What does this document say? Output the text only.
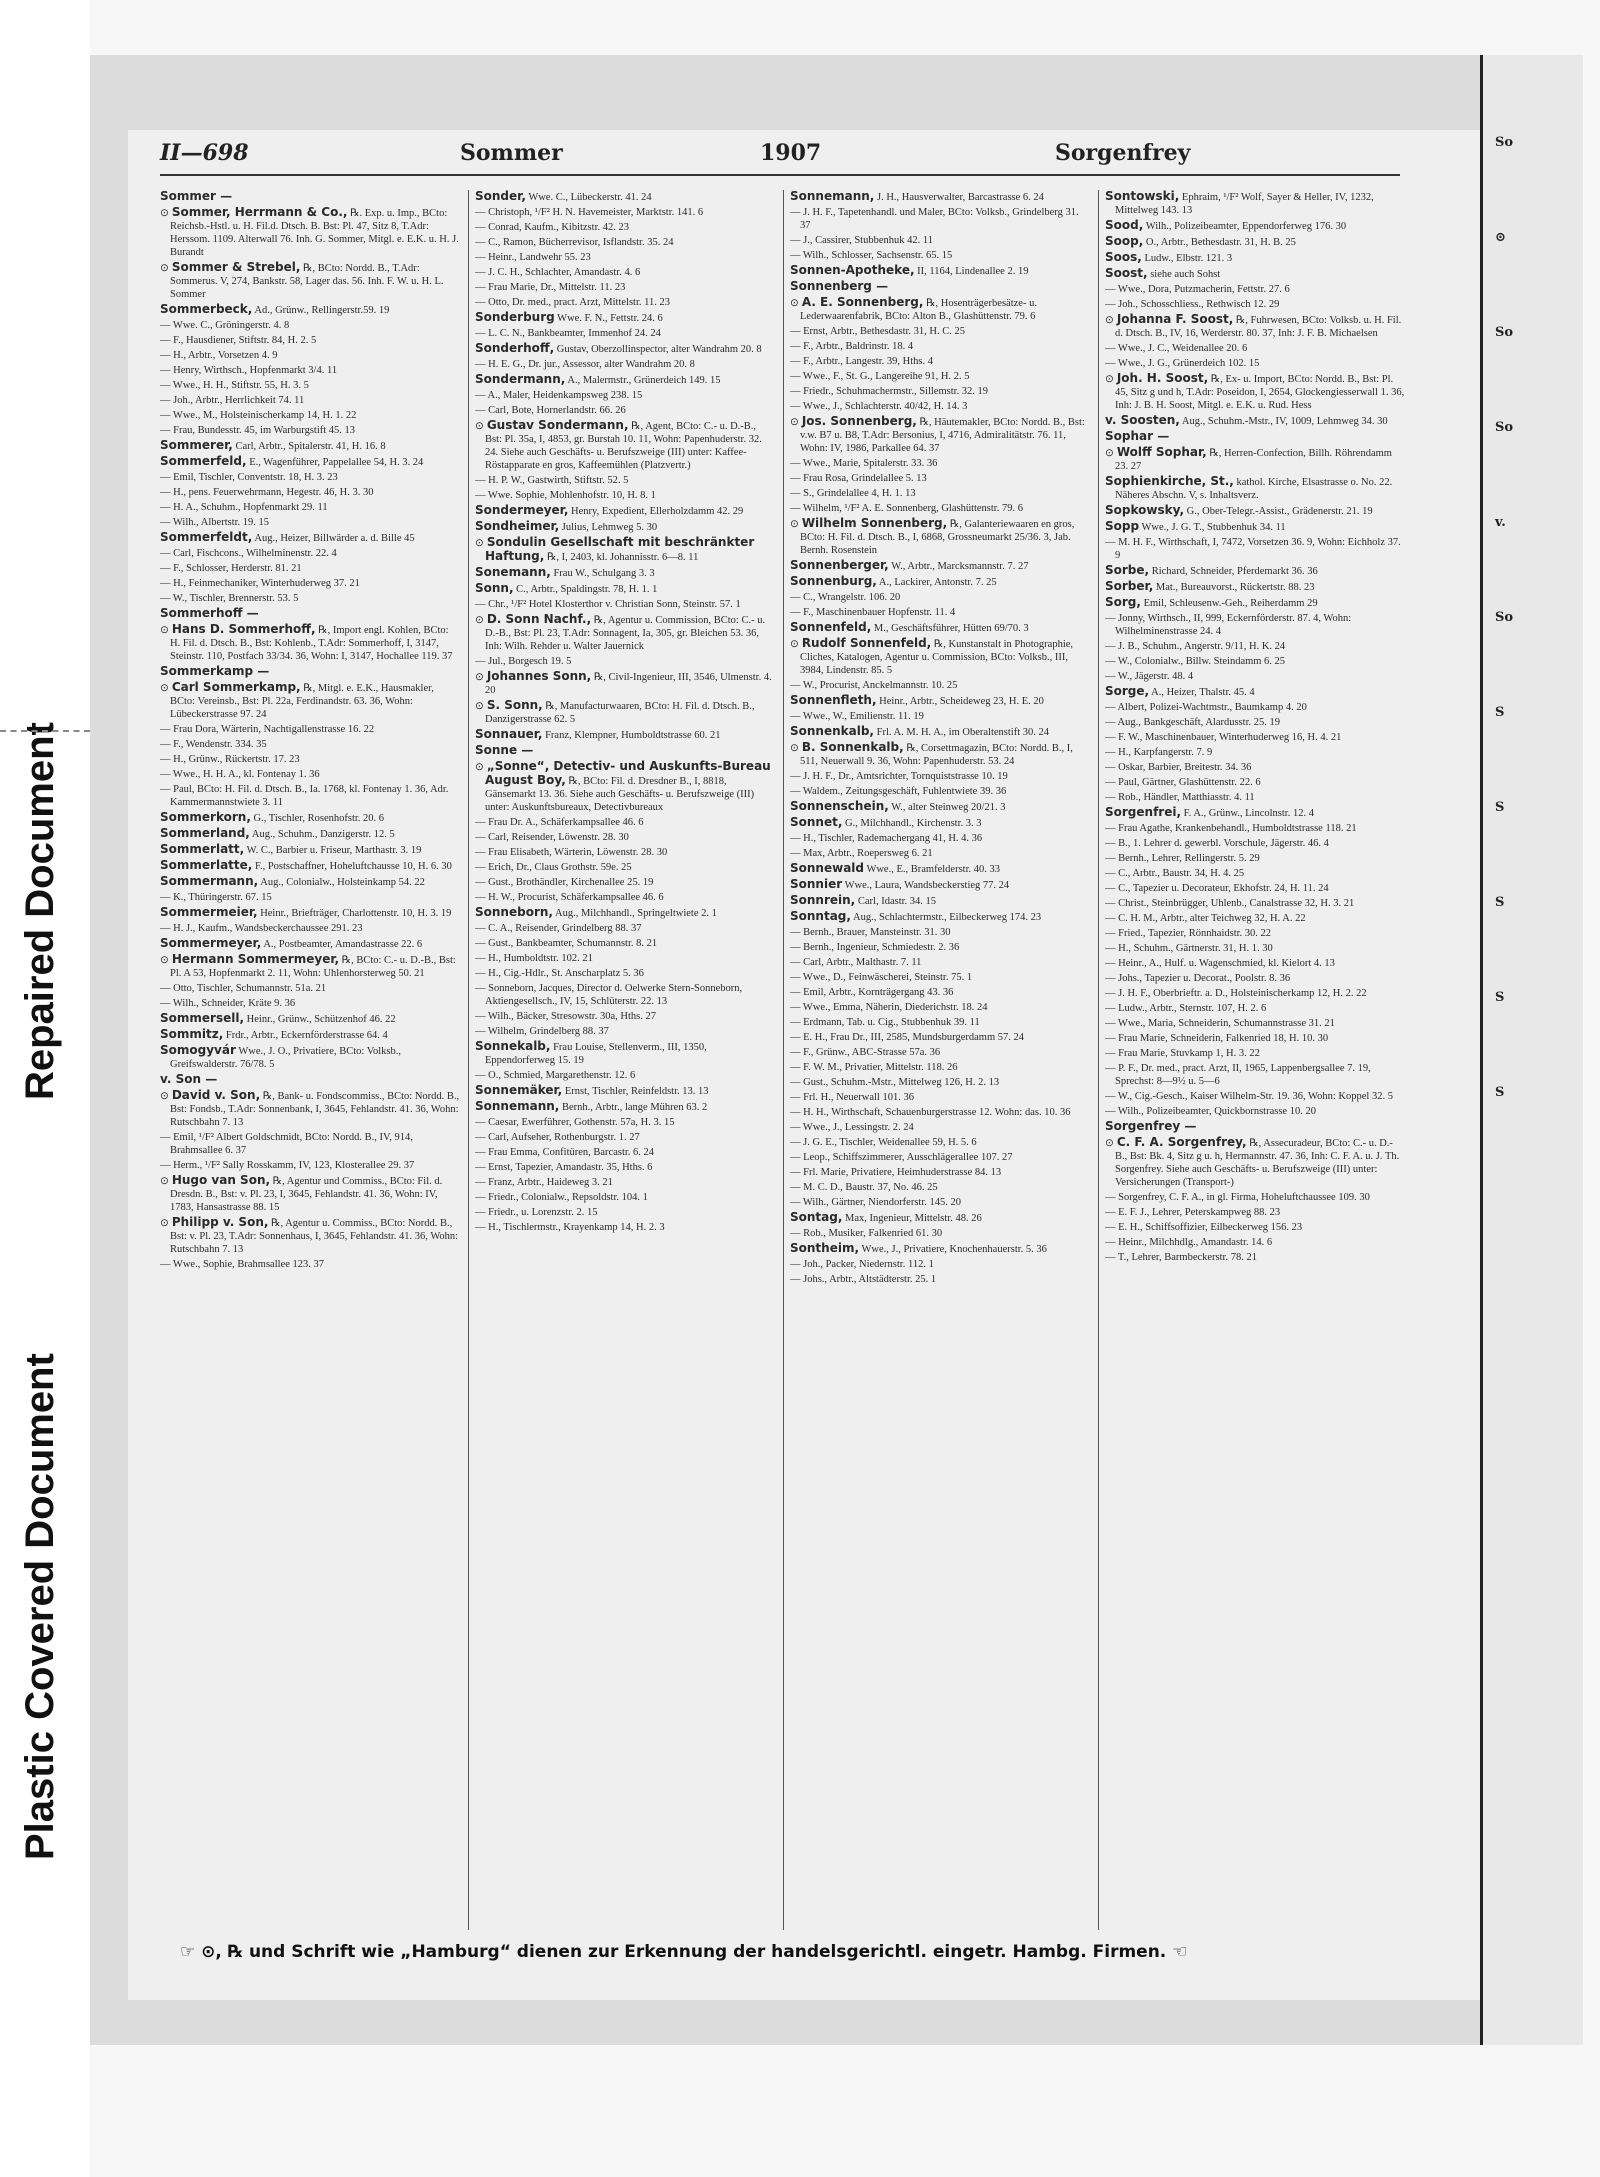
Repaired Document
Plastic Covered Document
So
⊙
So
So
v.
So
S
S
S
S
S
II—698	Sommer	1907	Sorgenfrey
Sommer —
⊙ Sommer, Herrmann & Co., ℞. Exp. u. Imp., BCto: Reichsb.-Hstl. u. H. Fil.d. Dtsch. B. Bst: Pl. 47, Sitz 8, T.Adr: Herssom. 1109. Alterwall 76. Inh. G. Sommer, Mitgl. e. E.K. u. H. J. Burandt
⊙ Sommer & Strebel, ℞, BCto: Nordd. B., T.Adr: Sommerus. V, 274, Bankstr. 58, Lager das. 56. Inh. F. W. u. H. L. Sommer
Sommerbeck, Ad., Grünw., Rellingerstr.59. 19
— Wwe. C., Gröningerstr. 4. 8
— F., Hausdiener, Stiftstr. 84, H. 2. 5
— H., Arbtr., Vorsetzen 4. 9
— Henry, Wirthsch., Hopfenmarkt 3/4. 11
— Wwe., H. H., Stiftstr. 55, H. 3. 5
— Joh., Arbtr., Herrlichkeit 74. 11
— Wwe., M., Holsteinischerkamp 14, H. 1. 22
— Frau, Bundesstr. 45, im Warburgstift 45. 13
Sommerer, Carl, Arbtr., Spitalerstr. 41, H. 16. 8
Sommerfeld, E., Wagenführer, Pappelallee 54, H. 3. 24
— Emil, Tischler, Conventstr. 18, H. 3. 23
— H., pens. Feuerwehrmann, Hegestr. 46, H. 3. 30
— H. A., Schuhm., Hopfenmarkt 29. 11
— Wilh., Albertstr. 19. 15
Sommerfeldt, Aug., Heizer, Billwärder a. d. Bille 45
— Carl, Fischcons., Wilhelminenstr. 22. 4
— F., Schlosser, Herderstr. 81. 21
— H., Feinmechaniker, Winterhuderweg 37. 21
— W., Tischler, Brennerstr. 53. 5
Sommerhoff —
⊙ Hans D. Sommerhoff, ℞, Import engl. Kohlen, BCto: H. Fil. d. Dtsch. B., Bst: Kohlenb., T.Adr: Sommerhoff, I, 3147, Steinstr. 110, Postfach 33/34. 36, Wohn: I, 3147, Hochallee 119. 37
Sommerkamp —
⊙ Carl Sommerkamp, ℞, Mitgl. e. E.K., Hausmakler, BCto: Vereinsb., Bst: Pl. 22a, Ferdinandstr. 63. 36, Wohn: Lübeckerstrasse 97. 24
— Frau Dora, Wärterin, Nachtigallenstrasse 16. 22
— F., Wendenstr. 334. 35
— H., Grünw., Rückertstr. 17. 23
— Wwe., H. H. A., kl. Fontenay 1. 36
— Paul, BCto: H. Fil. d. Dtsch. B., Ia. 1768, kl. Fontenay 1. 36, Adr. Kammermannstwiete 3. 11
Sommerkorn, G., Tischler, Rosenhofstr. 20. 6
Sommerland, Aug., Schuhm., Danzigerstr. 12. 5
Sommerlatt, W. C., Barbier u. Friseur, Marthastr. 3. 19
Sommerlatte, F., Postschaffner, Hoheluftchausse 10, H. 6. 30
Sommermann, Aug., Colonialw., Holsteinkamp 54. 22
— K., Thüringerstr. 67. 15
Sommermeier, Heinr., Briefträger, Charlottenstr. 10, H. 3. 19
— H. J., Kaufm., Wandsbeckerchaussee 291. 23
Sommermeyer, A., Postbeamter, Amandastrasse 22. 6
⊙ Hermann Sommermeyer, ℞, BCto: C.- u. D.-B., Bst: Pl. A 53, Hopfenmarkt 2. 11, Wohn: Uhlenhorsterweg 50. 21
— Otto, Tischler, Schumannstr. 51a. 21
— Wilh., Schneider, Kräte 9. 36
Sommersell, Heinr., Grünw., Schützenhof 46. 22
Sommitz, Frdr., Arbtr., Eckernförderstrasse 64. 4
Somogyvár Wwe., J. O., Privatiere, BCto: Volksb., Greifswalderstr. 76/78. 5
v. Son —
⊙ David v. Son, ℞, Bank- u. Fondscommiss., BCto: Nordd. B., Bst: Fondsb., T.Adr: Sonnenbank, I, 3645, Fehlandstr. 41. 36, Wohn: Rutschbahn 7. 13
— Emil, ¹/F² Albert Goldschmidt, BCto: Nordd. B., IV, 914, Brahmsallee 6. 37
— Herm., ¹/F² Sally Rosskamm, IV, 123, Klosterallee 29. 37
⊙ Hugo van Son, ℞, Agentur und Commiss., BCto: Fil. d. Dresdn. B., Bst: v. Pl. 23, I, 3645, Fehlandstr. 41. 36, Wohn: IV, 1783, Hansastrasse 88. 15
⊙ Philipp v. Son, ℞, Agentur u. Commiss., BCto: Nordd. B., Bst: v. Pl. 23, T.Adr: Sonnenhaus, I, 3645, Fehlandstr. 41. 36, Wohn: Rutschbahn 7. 13
— Wwe., Sophie, Brahmsallee 123. 37
Sonder, Wwe. C., Lübeckerstr. 41. 24
— Christoph, ¹/F² H. N. Havemeister, Marktstr. 141. 6
— Conrad, Kaufm., Kibitzstr. 42. 23
— C., Ramon, Bücherrevisor, Isflandstr. 35. 24
— Heinr., Landwehr 55. 23
— J. C. H., Schlachter, Amandastr. 4. 6
— Frau Marie, Dr., Mittelstr. 11. 23
— Otto, Dr. med., pract. Arzt, Mittelstr. 11. 23
Sonderburg Wwe. F. N., Fettstr. 24. 6
— L. C. N., Bankbeamter, Immenhof 24. 24
Sonderhoff, Gustav, Oberzollinspector, alter Wandrahm 20. 8
— H. E. G., Dr. jur., Assessor, alter Wandrahm 20. 8
Sondermann, A., Malermstr., Grünerdeich 149. 15
— A., Maler, Heidenkampsweg 238. 15
— Carl, Bote, Hornerlandstr. 66. 26
⊙ Gustav Sondermann, ℞, Agent, BCto: C.- u. D.-B., Bst: Pl. 35a, I, 4853, gr. Burstah 10. 11, Wohn: Papenhuderstr. 32. 24. Siehe auch Geschäfts- u. Berufszweige (III) unter: Kaffee-Röstapparate en gros, Kaffeemühlen (Platzvertr.)
— H. P. W., Gastwirth, Stiftstr. 52. 5
— Wwe. Sophie, Mohlenhofstr. 10, H. 8. 1
Sondermeyer, Henry, Expedient, Ellerholzdamm 42. 29
Sondheimer, Julius, Lehmweg 5. 30
⊙ Sondulin Gesellschaft mit beschränkter Haftung, ℞, I, 2403, kl. Johannisstr. 6—8. 11
Sonemann, Frau W., Schulgang 3. 3
Sonn, C., Arbtr., Spaldingstr. 78, H. 1. 1
— Chr., ¹/F² Hotel Klosterthor v. Christian Sonn, Steinstr. 57. 1
⊙ D. Sonn Nachf., ℞, Agentur u. Commission, BCto: C.- u. D.-B., Bst: Pl. 23, T.Adr: Sonnagent, Ia, 305, gr. Bleichen 53. 36, Inh: Wilh. Rehder u. Walter Jauernick
— Jul., Borgesch 19. 5
⊙ Johannes Sonn, ℞, Civil-Ingenieur, III, 3546, Ulmenstr. 4. 20
⊙ S. Sonn, ℞, Manufacturwaaren, BCto: H. Fil. d. Dtsch. B., Danzigerstrasse 62. 5
Sonnauer, Franz, Klempner, Humboldtstrasse 60. 21
Sonne —
⊙ „Sonne“, Detectiv- und Auskunfts-Bureau August Boy, ℞, BCto: Fil. d. Dresdner B., I, 8818, Gänsemarkt 13. 36. Siehe auch Geschäfts- u. Berufszweige (III) unter: Auskunftsbureaux, Detectivbureaux
— Frau Dr. A., Schäferkampsallee 46. 6
— Carl, Reisender, Löwenstr. 28. 30
— Frau Elisabeth, Wärterin, Löwenstr. 28. 30
— Erich, Dr., Claus Grothstr. 59e. 25
— Gust., Brothändler, Kirchenallee 25. 19
— H. W., Procurist, Schäferkampsallee 46. 6
Sonneborn, Aug., Milchhandl., Springeltwiete 2. 1
— C. A., Reisender, Grindelberg 88. 37
— Gust., Bankbeamter, Schumannstr. 8. 21
— H., Humboldtstr. 102. 21
— H., Cig.-Hdlr., St. Anscharplatz 5. 36
— Sonneborn, Jacques, Director d. Oelwerke Stern-Sonneborn, Aktiengesellsch., IV, 15, Schlüterstr. 22. 13
— Wilh., Bäcker, Stresowstr. 30a, Hths. 27
— Wilhelm, Grindelberg 88. 37
Sonnekalb, Frau Louise, Stellenverm., III, 1350, Eppendorferweg 15. 19
— O., Schmied, Margarethenstr. 12. 6
Sonnemäker, Ernst, Tischler, Reinfeldstr. 13. 13
Sonnemann, Bernh., Arbtr., lange Mühren 63. 2
— Caesar, Ewerführer, Gothenstr. 57a, H. 3. 15
— Carl, Aufseher, Rothenburgstr. 1. 27
— Frau Emma, Confitüren, Barcastr. 6. 24
— Ernst, Tapezier, Amandastr. 35, Hths. 6
— Franz, Arbtr., Haideweg 3. 21
— Friedr., Colonialw., Repsoldstr. 104. 1
— Friedr., u. Lorenzstr. 2. 15
— H., Tischlermstr., Krayenkamp 14, H. 2. 3
Sonnemann, J. H., Hausverwalter, Barcastrasse 6. 24
— J. H. F., Tapetenhandl. und Maler, BCto: Volksb., Grindelberg 31. 37
— J., Cassirer, Stubbenhuk 42. 11
— Wilh., Schlosser, Sachsenstr. 65. 15
Sonnen-Apotheke, II, 1164, Lindenallee 2. 19
Sonnenberg —
⊙ A. E. Sonnenberg, ℞, Hosenträgerbesätze- u. Lederwaarenfabrik, BCto: Alton B., Glashüttenstr. 79. 6
— Ernst, Arbtr., Bethesdastr. 31, H. C. 25
— F., Arbtr., Baldrinstr. 18. 4
— F., Arbtr., Langestr. 39, Hths. 4
— Wwe., F., St. G., Langereihe 91, H. 2. 5
— Friedr., Schuhmachermstr., Sillemstr. 32. 19
— Wwe., J., Schlachterstr. 40/42, H. 14. 3
⊙ Jos. Sonnenberg, ℞, Häutemakler, BCto: Nordd. B., Bst: v.w. B7 u. B8, T.Adr: Bersonius, I, 4716, Admiralitätstr. 76. 11, Wohn: IV, 1986, Parkallee 64. 37
— Wwe., Marie, Spitalerstr. 33. 36
— Frau Rosa, Grindelallee 5. 13
— S., Grindelallee 4, H. 1. 13
— Wilhelm, ¹/F² A. E. Sonnenberg, Glashüttenstr. 79. 6
⊙ Wilhelm Sonnenberg, ℞, Galanteriewaaren en gros, BCto: H. Fil. d. Dtsch. B., I, 6868, Grossneumarkt 25/36. 3, Jab. Bernh. Rosenstein
Sonnenberger, W., Arbtr., Marcksmannstr. 7. 27
Sonnenburg, A., Lackirer, Antonstr. 7. 25
— C., Wrangelstr. 106. 20
— F., Maschinenbauer Hopfenstr. 11. 4
Sonnenfeld, M., Geschäftsführer, Hütten 69/70. 3
⊙ Rudolf Sonnenfeld, ℞, Kunstanstalt in Photographie, Cliches, Katalogen, Agentur u. Commission, BCto: Volksb., III, 3984, Lindenstr. 85. 5
— W., Procurist, Anckelmannstr. 10. 25
Sonnenfleth, Heinr., Arbtr., Scheideweg 23, H. E. 20
— Wwe., W., Emilienstr. 11. 19
Sonnenkalb, Frl. A. M. H. A., im Oberaltenstift 30. 24
⊙ B. Sonnenkalb, ℞, Corsettmagazin, BCto: Nordd. B., I, 511, Neuerwall 9. 36, Wohn: Papenhuderstr. 53. 24
— J. H. F., Dr., Amtsrichter, Tornquiststrasse 10. 19
— Waldem., Zeitungsgeschäft, Fuhlentwiete 39. 36
Sonnenschein, W., alter Steinweg 20/21. 3
Sonnet, G., Milchhandl., Kirchenstr. 3. 3
— H., Tischler, Rademachergang 41, H. 4. 36
— Max, Arbtr., Roepersweg 6. 21
Sonnewald Wwe., E., Bramfelderstr. 40. 33
Sonnier Wwe., Laura, Wandsbeckerstieg 77. 24
Sonnrein, Carl, Idastr. 34. 15
Sonntag, Aug., Schlachtermstr., Eilbeckerweg 174. 23
— Bernh., Brauer, Mansteinstr. 31. 30
— Bernh., Ingenieur, Schmiedestr. 2. 36
— Carl, Arbtr., Malthastr. 7. 11
— Wwe., D., Feinwäscherei, Steinstr. 75. 1
— Emil, Arbtr., Kornträgergang 43. 36
— Wwe., Emma, Näherin, Diederichstr. 18. 24
— Erdmann, Tab. u. Cig., Stubbenhuk 39. 11
— E. H., Frau Dr., III, 2585, Mundsburgerdamm 57. 24
— F., Grünw., ABC-Strasse 57a. 36
— F. W. M., Privatier, Mittelstr. 118. 26
— Gust., Schuhm.-Mstr., Mittelweg 126, H. 2. 13
— Frl. H., Neuerwall 101. 36
— H. H., Wirthschaft, Schauenburgerstrasse 12. Wohn: das. 10. 36
— Wwe., J., Lessingstr. 2. 24
— J. G. E., Tischler, Weidenallee 59, H. 5. 6
— Leop., Schiffszimmerer, Ausschlägerallee 107. 27
— Frl. Marie, Privatiere, Heimhuderstrasse 84. 13
— M. C. D., Baustr. 37, No. 46. 25
— Wilh., Gärtner, Niendorferstr. 145. 20
Sontag, Max, Ingenieur, Mittelstr. 48. 26
— Rob., Musiker, Falkenried 61. 30
Sontheim, Wwe., J., Privatiere, Knochenhauerstr. 5. 36
— Joh., Packer, Niedernstr. 112. 1
— Johs., Arbtr., Altstädterstr. 25. 1
Sontowski, Ephraim, ¹/F² Wolf, Sayer & Heller, IV, 1232, Mittelweg 143. 13
Sood, Wilh., Polizeibeamter, Eppendorferweg 176. 30
Soop, O., Arbtr., Bethesdastr. 31, H. B. 25
Soos, Ludw., Elbstr. 121. 3
Soost, siehe auch Sohst
— Wwe., Dora, Putzmacherin, Fettstr. 27. 6
— Joh., Schosschliess., Rethwisch 12. 29
⊙ Johanna F. Soost, ℞, Fuhrwesen, BCto: Volksb. u. H. Fil. d. Dtsch. B., IV, 16, Werderstr. 80. 37, Inh: J. F. B. Michaelsen
— Wwe., J. C., Weidenallee 20. 6
— Wwe., J. G., Grünerdeich 102. 15
⊙ Joh. H. Soost, ℞, Ex- u. Import, BCto: Nordd. B., Bst: Pl. 45, Sitz g und h, T.Adr: Poseidon, I, 2654, Glockengiesserwall 1. 36, Inh: J. B. H. Soost, Mitgl. e. E.K. u. Rud. Hess
v. Soosten, Aug., Schuhm.-Mstr., IV, 1009, Lehmweg 34. 30
Sophar —
⊙ Wolff Sophar, ℞, Herren-Confection, Billh. Röhrendamm 23. 27
Sophienkirche, St., kathol. Kirche, Elsastrasse o. No. 22. Näheres Abschn. V, s. Inhaltsverz.
Sopkowsky, G., Ober-Telegr.-Assist., Grädenerstr. 21. 19
Sopp Wwe., J. G. T., Stubbenhuk 34. 11
— M. H. F., Wirthschaft, I, 7472, Vorsetzen 36. 9, Wohn: Eichholz 37. 9
Sorbe, Richard, Schneider, Pferdemarkt 36. 36
Sorber, Mat., Bureauvorst., Rückertstr. 88. 23
Sorg, Emil, Schleusenw.-Geh., Reiherdamm 29
— Jonny, Wirthsch., II, 999, Eckernförderstr. 87. 4, Wohn: Wilhelminenstrasse 24. 4
— J. B., Schuhm., Angerstr. 9/11, H. K. 24
— W., Colonialw., Billw. Steindamm 6. 25
— W., Jägerstr. 48. 4
Sorge, A., Heizer, Thalstr. 45. 4
— Albert, Polizei-Wachtmstr., Baumkamp 4. 20
— Aug., Bankgeschäft, Alardusstr. 25. 19
— F. W., Maschinenbauer, Winterhuderweg 16, H. 4. 21
— H., Karpfangerstr. 7. 9
— Oskar, Barbier, Breitestr. 34. 36
— Paul, Gärtner, Glashüttenstr. 22. 6
— Rob., Händler, Matthiasstr. 4. 11
Sorgenfrei, F. A., Grünw., Lincolnstr. 12. 4
— Frau Agathe, Krankenbehandl., Humboldtstrasse 118. 21
— B., 1. Lehrer d. gewerbl. Vorschule, Jägerstr. 46. 4
— Bernh., Lehrer, Rellingerstr. 5. 29
— C., Arbtr., Baustr. 34, H. 4. 25
— C., Tapezier u. Decorateur, Ekhofstr. 24, H. 11. 24
— Christ., Steinbrügger, Uhlenb., Canalstrasse 32, H. 3. 21
— C. H. M., Arbtr., alter Teichweg 32, H. A. 22
— Fried., Tapezier, Rönnhaidstr. 30. 22
— H., Schuhm., Gärtnerstr. 31, H. 1. 30
— Heinr., A., Hulf. u. Wagenschmied, kl. Kielort 4. 13
— Johs., Tapezier u. Decorat., Poolstr. 8. 36
— J. H. F., Oberbrieftr. a. D., Holsteinischerkamp 12, H. 2. 22
— Ludw., Arbtr., Sternstr. 107, H. 2. 6
— Wwe., Maria, Schneiderin, Schumannstrasse 31. 21
— Frau Marie, Schneiderin, Falkenried 18, H. 10. 30
— Frau Marie, Stuvkamp 1, H. 3. 22
— P. F., Dr. med., pract. Arzt, II, 1965, Lappenbergsallee 7. 19, Sprechst: 8—9½ u. 5—6
— W., Cig.-Gesch., Kaiser Wilhelm-Str. 19. 36, Wohn: Koppel 32. 5
— Wilh., Polizeibeamter, Quickbornstrasse 10. 20
Sorgenfrey —
⊙ C. F. A. Sorgenfrey, ℞, Assecuradeur, BCto: C.- u. D.-B., Bst: Bk. 4, Sitz g u. h, Hermannstr. 47. 36, Inh: C. F. A. u. J. Th. Sorgenfrey. Siehe auch Geschäfts- u. Berufszweige (III) unter: Versicherungen (Transport-)
— Sorgenfrey, C. F. A., in gl. Firma, Hoheluftchaussee 109. 30
— E. F. J., Lehrer, Peterskampweg 88. 23
— E. H., Schiffsoffizier, Eilbeckerweg 156. 23
— Heinr., Milchhdlg., Amandastr. 14. 6
— T., Lehrer, Barmbeckerstr. 78. 21
☞ ⊙, ℞ und Schrift wie „Hamburg“ dienen zur Erkennung der handelsgerichtl. eingetr. Hambg. Firmen. ☜
